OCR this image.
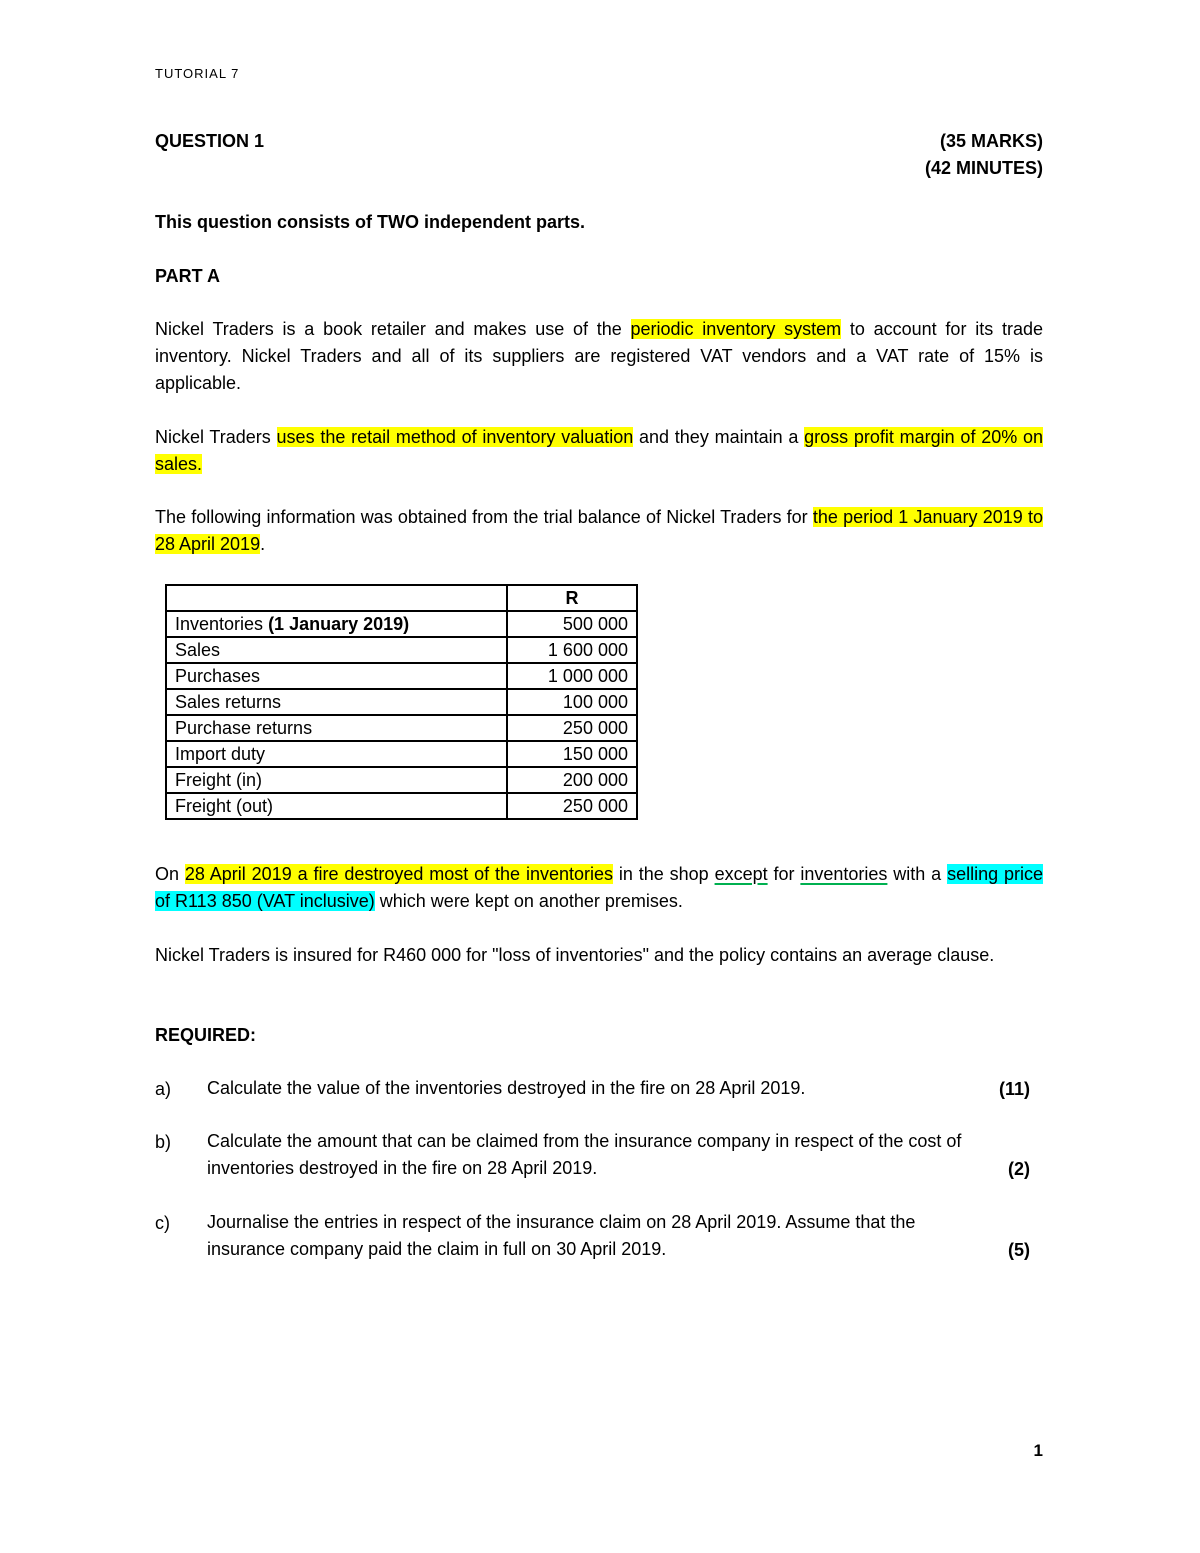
TUTORIAL 7
QUESTION 1	(35 MARKS)
(42 MINUTES)
This question consists of TWO independent parts.
PART A
Nickel Traders is a book retailer and makes use of the periodic inventory system to account for its trade inventory. Nickel Traders and all of its suppliers are registered VAT vendors and a VAT rate of 15% is applicable.
Nickel Traders uses the retail method of inventory valuation and they maintain a gross profit margin of 20% on sales.
The following information was obtained from the trial balance of Nickel Traders for the period 1 January 2019 to 28 April 2019.
	R
Inventories (1 January 2019)	500 000
Sales	1 600 000
Purchases	1 000 000
Sales returns	100 000
Purchase returns	250 000
Import duty	150 000
Freight (in)	200 000
Freight (out)	250 000
On 28 April 2019 a fire destroyed most of the inventories in the shop except for inventories with a selling price of R113 850 (VAT inclusive) which were kept on another premises.
Nickel Traders is insured for R460 000 for "loss of inventories" and the policy contains an average clause.
REQUIRED:
a) Calculate the value of the inventories destroyed in the fire on 28 April 2019.	(11)
b) Calculate the amount that can be claimed from the insurance company in respect of the cost of inventories destroyed in the fire on 28 April 2019.	(2)
c) Journalise the entries in respect of the insurance claim on 28 April 2019. Assume that the insurance company paid the claim in full on 30 April 2019.	(5)
1
